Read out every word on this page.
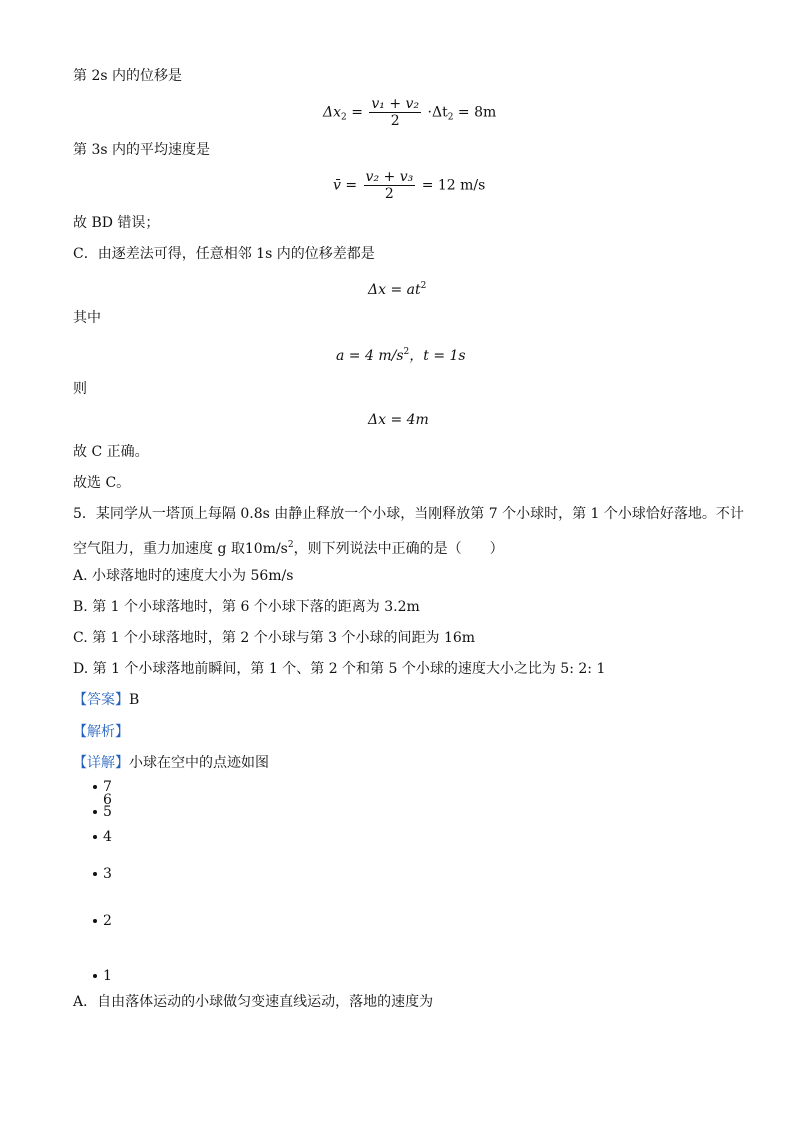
第 2s 内的位移是
$\Delta x_2 = \frac{\text{v₁ + v₂}}{2} \cdot\Delta t_2 = 8m$
第 3s 内的平均速度是
v̄ = $\frac{\text{v₂ + v₃}}{2} = 12$ m/s
故 BD 错误；
C．由逐差法可得，任意相邻 1s 内的位移差都是
$\Delta x = at^2$
其中
a = 4 $m/s^2$，t = 1s
则
Δx = 4m
故 C 正确。
故选 C。
5．某同学从一塔顶上每隔 0.8s 由静止释放一个小球，当刚释放第 7 个小球时，第 1 个小球恰好落地。不计
空气阻力，重力加速度 g 取$10m/s^2$，则下列说法中正确的是（　　）
A. 小球落地时的速度大小为 56m/s
B. 第 1 个小球落地时，第 6 个小球下落的距离为 3.2m
C. 第 1 个小球落地时，第 2 个小球与第 3 个小球的间距为 16m
D. 第 1 个小球落地前瞬间，第 1 个、第 2 个和第 5 个小球的速度大小之比为 5: 2: 1
【答案】B
【解析】
【详解】小球在空中的点迹如图
7
6
5
4
3
2
1
A．自由落体运动的小球做匀变速直线运动，落地的速度为
